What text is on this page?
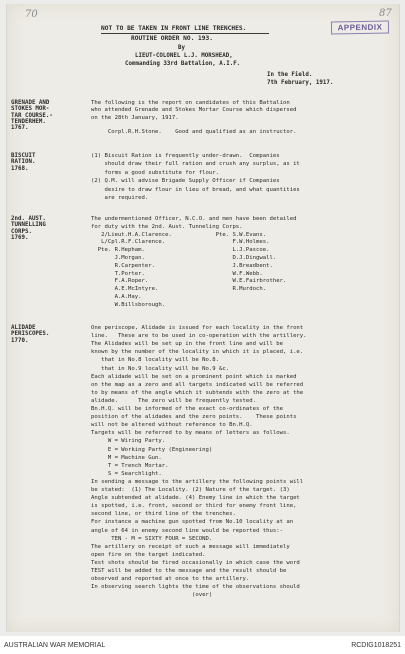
70	87
APPENDIX
NOT TO BE TAKEN IN FRONT LINE TRENCHES.
ROUTINE ORDER NO. 193.
By
LIEUT-COLONEL L.J. MORSHEAD,
Commanding 33rd Battalion, A.I.F.
In the Field.
7th February, 1917.
GRENADE AND
STOKES MOR-
TAR COURSE.-
TENDERHEM.
1767.
The following is the report on candidates of this Battalion
who attended Grenade and Stokes Mortar Course which dispersed
on the 28th January, 1917.
Corpl.R.H.Stone.    Good and qualified as an instructor.
BISCUIT
RATION.
1768.
(1) Biscuit Ration is frequently under-drawn.  Companies
should draw their full ration and crush any surplus, as it
forms a good substitute for flour.
(2) Q.M. will advise Brigade Supply Officer if Companies
desire to draw flour in lieu of bread, and what quantities
are required.
2nd. AUST.
TUNNELLING
CORPS.
1769.
The undermentioned Officer, N.C.O. and men have been detailed
for duty with the 2nd. Aust. Tunneling Corps.
2/Lieut.H.A.Clarence.             Pte. S.W.Evans.
L/Cpl.R.F.Clarence.                    F.W.Holmes.
Pte. R.Hepham.                          L.J.Pascoe.
J.Morgan.                          D.J.Dingwall.
R.Carpenter.                       J.Breadbent.
T.Porter.                          W.F.Webb.
F.A.Roper.                         W.E.Fairbrother.
A.E.McIntyre.                      R.Murdoch.
A.A.Hay.
W.Billsborough.
ALIDADE
PERISCOPES.
1770.
One periscope, Alidade is issued for each locality in the front
line.   These are to be used in co-operation with the artillery.
The Alidades will be set up in the front line and will be
known by the number of the locality in which it is placed, i.e.
that in No.8 locality will be No.8.
that in No.9 locality will be No.9 &c.
Each alidade will be set on a prominent point which is marked
on the map as a zero and all targets indicated will be referred
to by means of the angle which it subtends with the zero at the
alidade.      The zero will be frequently tested.
Bn.H.Q. will be informed of the exact co-ordinates of the
position of the alidades and the zero points.    These points
will not be altered without reference to Bn.H.Q.
Targets will be referred to by means of letters as follows.
W = Wiring Party.
E = Working Party (Engineering)
M = Machine Gun.
T = Trench Mortar.
S = Searchlight.
In sending a message to the artillery the following points will
be stated:  (1) The Locality. (2) Nature of the target. (3)
Angle subtended at alidade. (4) Enemy line in which the target
is spotted, i.e. front, second or third for enemy front line,
second line, or third line of the trenches.
For instance a machine gun spotted from No.10 locality at an
angle of 64 in enemy second line would be reported thus:-
TEN - M = SIXTY FOUR = SECOND.
The artillery on receipt of such a message will immediately
open fire on the target indicated.
Test shots should be fired occasionally in which case the word
TEST will be added to the message and the result should be
observed and reported at once to the artillery.
In observing search lights the time of the observations should
(over)
AUSTRALIAN WAR MEMORIAL	RCDIG1018251
